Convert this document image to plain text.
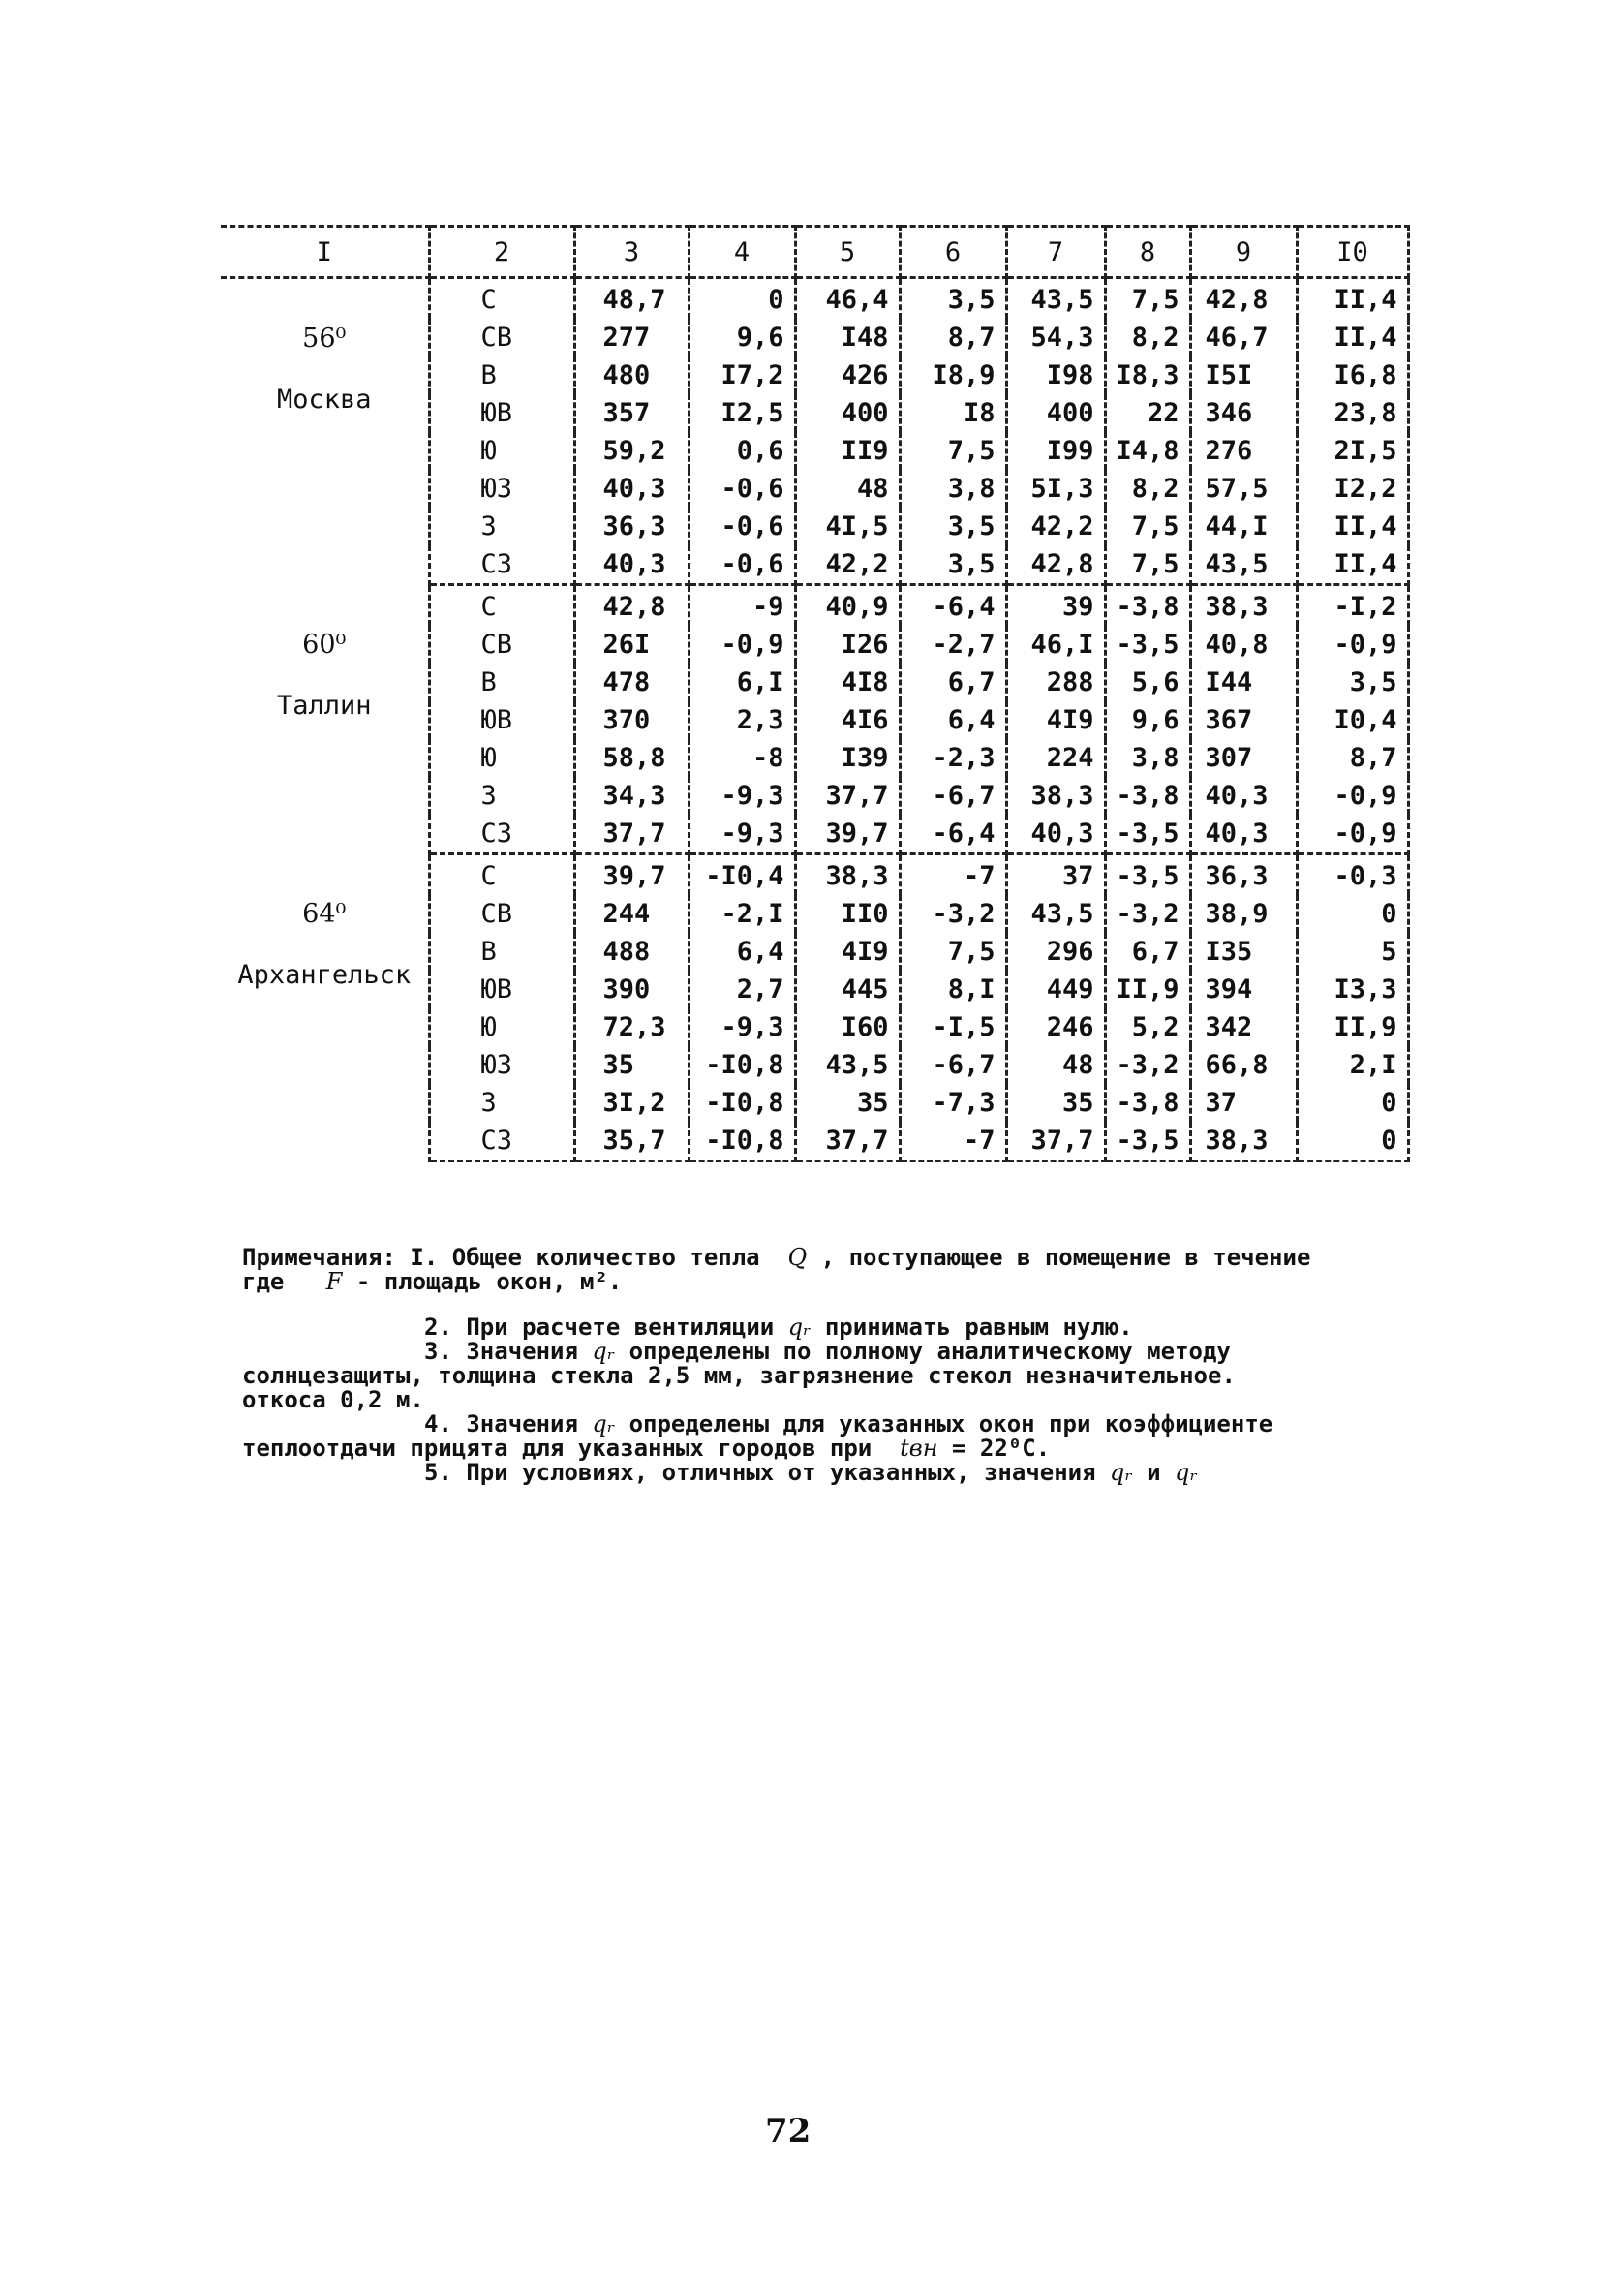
I	2	3	4	5	6	7	8	9	I0

56⁰
Москва	С	48,7	0	46,4	3,5	43,5	7,5	42,8	II,4
	СВ	277	9,6	I48	8,7	54,3	8,2	46,7	II,4
	В	480	I7,2	426	I8,9	I98	I8,3	I5I	I6,8
	ЮВ	357	I2,5	400	I8	400	22	346	23,8
	Ю	59,2	0,6	II9	7,5	I99	I4,8	276	2I,5
	ЮЗ	40,3	-0,6	48	3,8	5I,3	8,2	57,5	I2,2
	З	36,3	-0,6	4I,5	3,5	42,2	7,5	44,I	II,4
	СЗ	40,3	-0,6	42,2	3,5	42,8	7,5	43,5	II,4

60⁰
Таллин	С	42,8	-9	40,9	-6,4	39	-3,8	38,3	-I,2
	СВ	26I	-0,9	I26	-2,7	46,I	-3,5	40,8	-0,9
	В	478	6,I	4I8	6,7	288	5,6	I44	3,5
	ЮВ	370	2,3	4I6	6,4	4I9	9,6	367	I0,4
	Ю	58,8	-8	I39	-2,3	224	3,8	307	8,7
	З	34,3	-9,3	37,7	-6,7	38,3	-3,8	40,3	-0,9
	СЗ	37,7	-9,3	39,7	-6,4	40,3	-3,5	40,3	-0,9

64⁰
Архангельск	С	39,7	-I0,4	38,3	-7	37	-3,5	36,3	-0,3
	СВ	244	-2,I	II0	-3,2	43,5	-3,2	38,9	0
	В	488	6,4	4I9	7,5	296	6,7	I35	5
	ЮВ	390	2,7	445	8,I	449	II,9	394	I3,3
	Ю	72,3	-9,3	I60	-I,5	246	5,2	342	II,9
	ЮЗ	35	-I0,8	43,5	-6,7	48	-3,2	66,8	2,I
	З	3I,2	-I0,8	35	-7,3	35	-3,8	37	0
	СЗ	35,7	-I0,8	37,7	-7	37,7	-3,5	38,3	0
Примечания: I. Общее количество тепла Q , поступающее в помещение в течение
где F - площадь окон, м².
2. При расчете вентиляции qᵣ принимать равным нулю.
3. Значения qᵣ определены по полному аналитическому методу
солнцезащиты, толщина стекла 2,5 мм, загрязнение стекол незначительное.
откоса 0,2 м.
4. Значения qᵣ определены для указанных окон при коэффициенте
теплоотдачи прицята для указанных городов при tвн = 22⁰С.
5. При условиях, отличных от указанных, значения qᵣ и qᵣ
72
